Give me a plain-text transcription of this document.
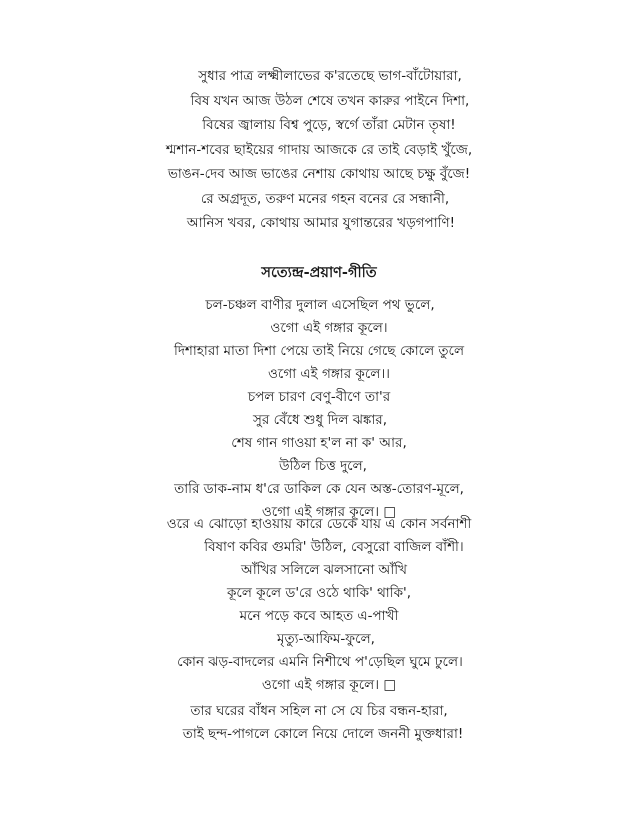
সুধার পাত্র লক্ষ্মীলাভের ক'রতেছে ভাগ-বাঁটোয়ারা,
বিষ যখন আজ উঠল শেষে তখন কারুর পাইনে দিশা,
বিষের জ্বালায় বিশ্ব পুড়ে, স্বর্গে তাঁরা মেটান তৃষা!
শ্মশান-শবের ছাইয়ের গাদায় আজকে রে তাই বেড়াই খুঁজে,
ভাঙন-দেব আজ ভাঙের নেশায় কোথায় আছে চক্ষু বুঁজে!
রে অগ্রদূত, তরুণ মনের গহন বনের রে সন্ধানী,
আনিস খবর, কোথায় আমার যুগান্তরের খড়গপাণি!
সত্যেন্দ্র-প্রয়াণ-গীতি
চল-চঞ্চল বাণীর দুলাল এসেছিল পথ ভুলে,
ওগো এই গঙ্গার কূলে।
দিশাহারা মাতা দিশা পেয়ে তাই নিয়ে গেছে কোলে তুলে
ওগো এই গঙ্গার কূলে।।
চপল চারণ বেণু-বীণে তা'র
সুর বেঁধে শুধু দিল ঝঙ্কার,
শেষ গান গাওয়া হ'ল না ক' আর,
উঠিল চিত্ত দুলে,
তারি ডাক-নাম ধ'রে ডাকিল কে যেন অস্ত-তোরণ-মূলে,
ওগো এই গঙ্গার কূলে। □
ওরে এ ঝোড়ো হাওয়ায় কারে ডেকে যায় এ কোন সর্বনাশী
বিষাণ কবির গুমরি' উঠিল, বেসুরো বাজিল বাঁশী।
আঁখির সলিলে ঝলসানো আঁখি
কূলে কূলে ড'রে ওঠে থাকি' থাকি',
মনে পড়ে কবে আহত এ-পাখী
মৃত্যু-আফিম-ফুলে,
কোন ঝড়-বাদলের এমনি নিশীথে প'ড়েছিল ঘুমে ঢুলে।
ওগো এই গঙ্গার কূলে। □
তার ঘরের বাঁধন সহিল না সে যে চির বন্ধন-হারা,
তাই ছন্দ-পাগলে কোলে নিয়ে দোলে জননী মুক্তধারা!
